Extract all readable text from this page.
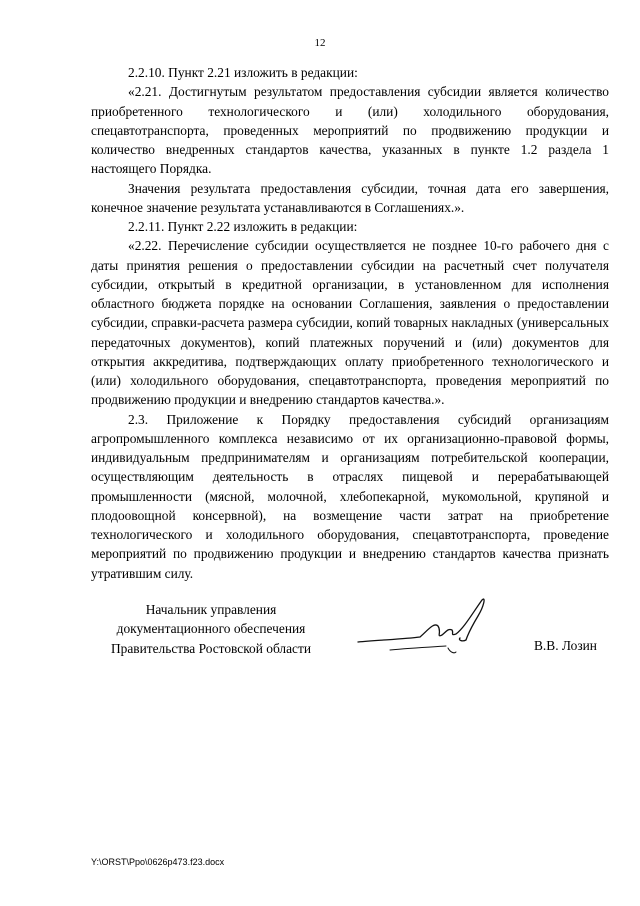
12

2.2.10. Пункт 2.21 изложить в редакции:

«2.21. Достигнутым результатом предоставления субсидии является количество приобретенного технологического и (или) холодильного оборудования, спецавтотранспорта, проведенных мероприятий по продвижению продукции и количество внедренных стандартов качества, указанных в пункте 1.2 раздела 1 настоящего Порядка.

Значения результата предоставления субсидии, точная дата его завершения, конечное значение результата устанавливаются в Соглашениях.».

2.2.11. Пункт 2.22 изложить в редакции:

«2.22. Перечисление субсидии осуществляется не позднее 10-го рабочего дня с даты принятия решения о предоставлении субсидии на расчетный счет получателя субсидии, открытый в кредитной организации, в установленном для исполнения областного бюджета порядке на основании Соглашения, заявления о предоставлении субсидии, справки-расчета размера субсидии, копий товарных накладных (универсальных передаточных документов), копий платежных поручений и (или) документов для открытия аккредитива, подтверждающих оплату приобретенного технологического и (или) холодильного оборудования, спецавтотранспорта, проведения мероприятий по продвижению продукции и внедрению стандартов качества.».

2.3. Приложение к Порядку предоставления субсидий организациям агропромышленного комплекса независимо от их организационно-правовой формы, индивидуальным предпринимателям и организациям потребительской кооперации, осуществляющим деятельность в отраслях пищевой и перерабатывающей промышленности (мясной, молочной, хлебопекарной, мукомольной, крупяной и плодоовощной консервной), на возмещение части затрат на приобретение технологического и холодильного оборудования, спецавтотранспорта, проведение мероприятий по продвижению продукции и внедрению стандартов качества признать утратившим силу.

Начальник управления
документационного обеспечения
Правительства Ростовской области	В.В. Лозин
Y:\ORST\Ppo\0626p473.f23.docx
